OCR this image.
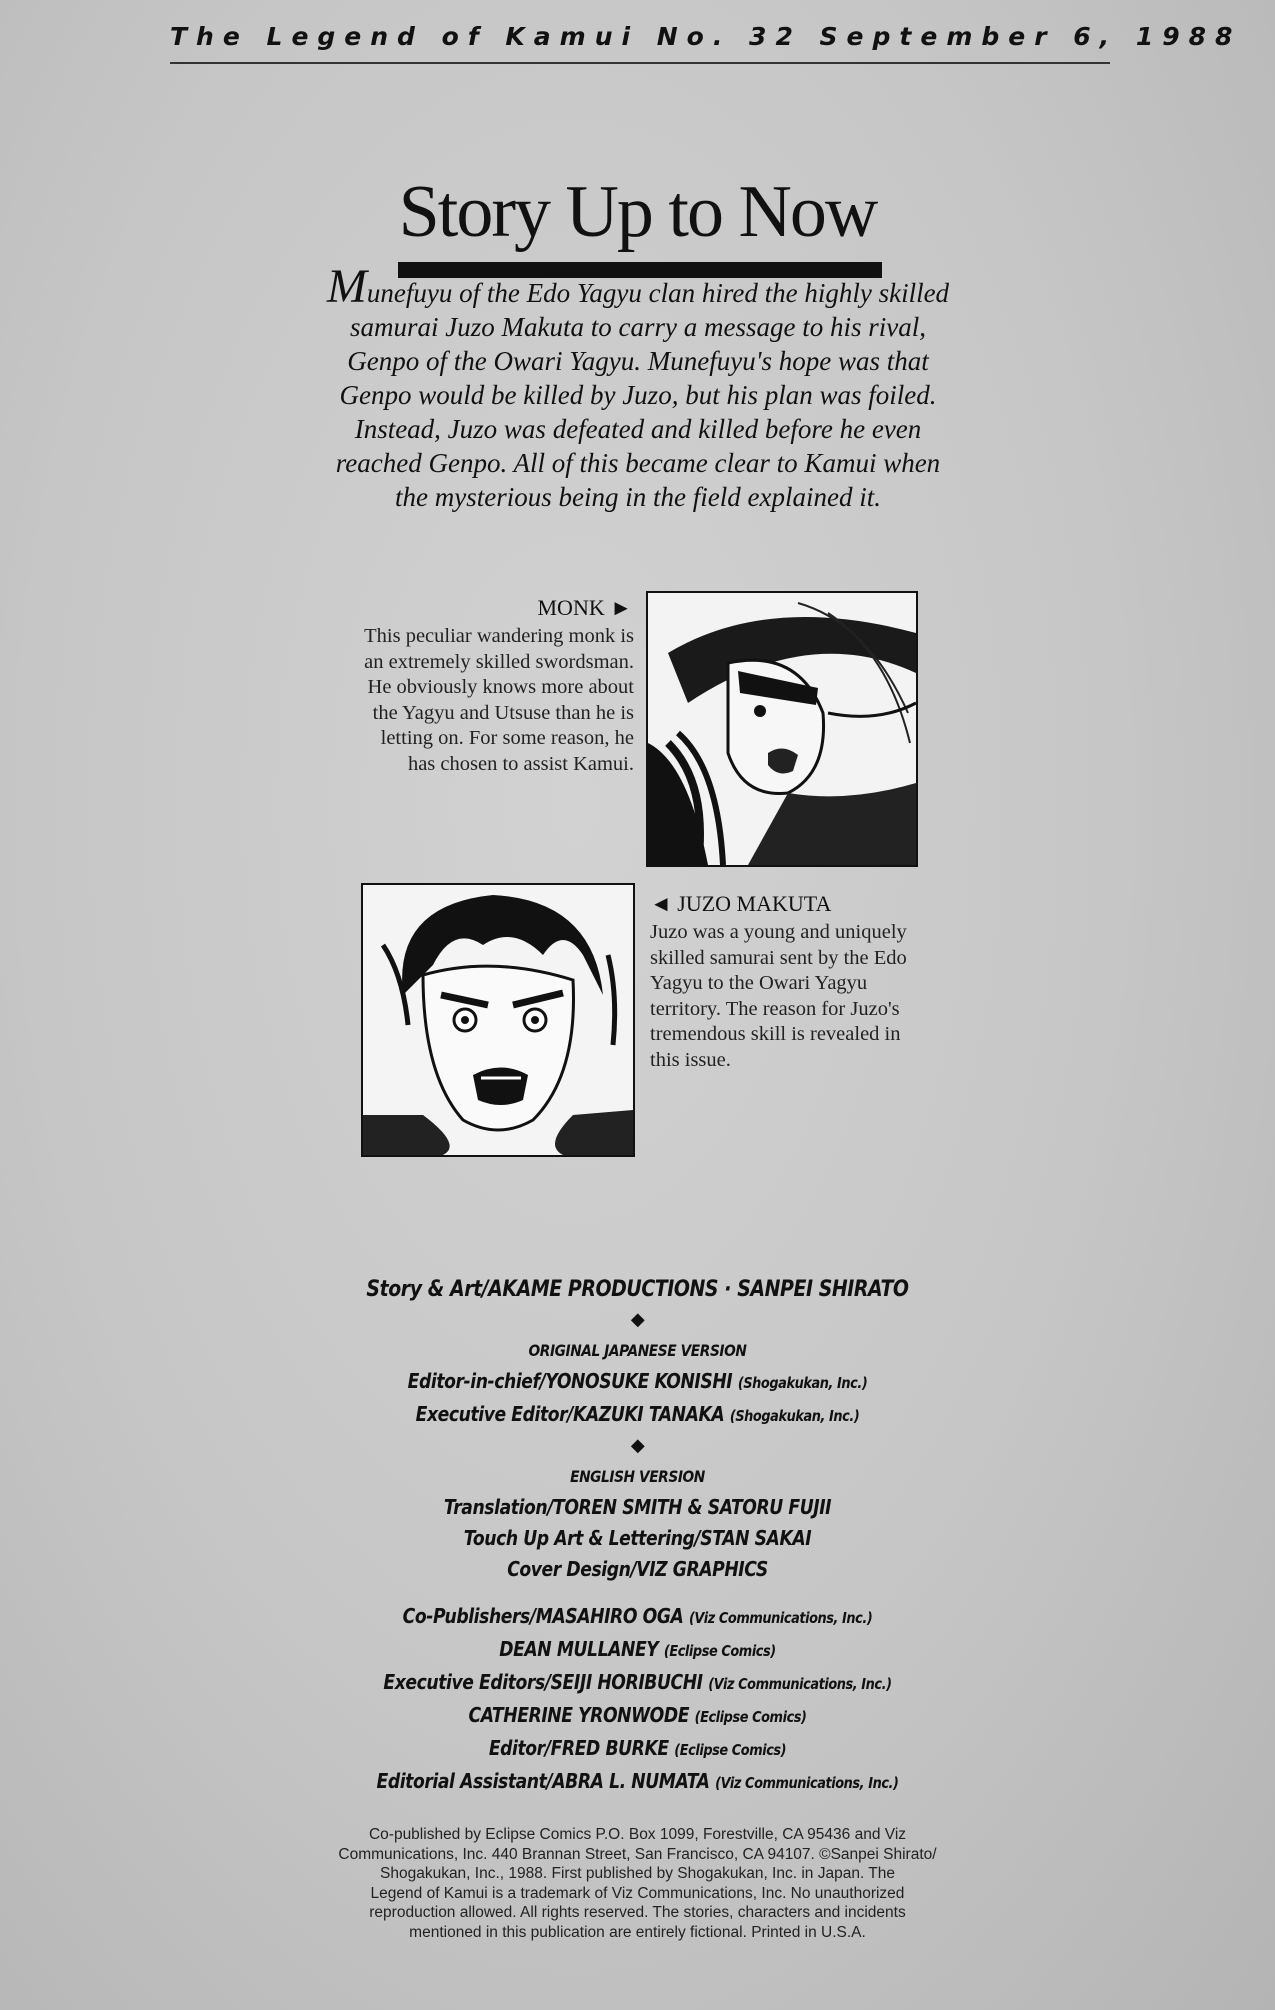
The Legend of Kamui No. 32 September 6, 1988
Story Up to Now
Munefuyu of the Edo Yagyu clan hired the highly skilled samurai Juzo Makuta to carry a message to his rival, Genpo of the Owari Yagyu. Munefuyu's hope was that Genpo would be killed by Juzo, but his plan was foiled. Instead, Juzo was defeated and killed before he even reached Genpo. All of this became clear to Kamui when the mysterious being in the field explained it.
MONK ►
This peculiar wandering monk is an extremely skilled swordsman. He obviously knows more about the Yagyu and Utsuse than he is letting on. For some reason, he has chosen to assist Kamui.
◄ JUZO MAKUTA
Juzo was a young and uniquely skilled samurai sent by the Edo Yagyu to the Owari Yagyu territory. The reason for Juzo's tremendous skill is revealed in this issue.
Story & Art/AKAME PRODUCTIONS · SANPEI SHIRATO
◆
ORIGINAL JAPANESE VERSION
Editor-in-chief/YONOSUKE KONISHI (Shogakukan, Inc.)
Executive Editor/KAZUKI TANAKA (Shogakukan, Inc.)
◆
ENGLISH VERSION
Translation/TOREN SMITH & SATORU FUJII
Touch Up Art & Lettering/STAN SAKAI
Cover Design/VIZ GRAPHICS
Co-Publishers/MASAHIRO OGA (Viz Communications, Inc.)
DEAN MULLANEY (Eclipse Comics)
Executive Editors/SEIJI HORIBUCHI (Viz Communications, Inc.)
CATHERINE YRONWODE (Eclipse Comics)
Editor/FRED BURKE (Eclipse Comics)
Editorial Assistant/ABRA L. NUMATA (Viz Communications, Inc.)
Co-published by Eclipse Comics P.O. Box 1099, Forestville, CA 95436 and Viz
Communications, Inc. 440 Brannan Street, San Francisco, CA 94107. ©Sanpei Shirato/
Shogakukan, Inc., 1988. First published by Shogakukan, Inc. in Japan. The
Legend of Kamui is a trademark of Viz Communications, Inc. No unauthorized
reproduction allowed. All rights reserved. The stories, characters and incidents
mentioned in this publication are entirely fictional. Printed in U.S.A.
